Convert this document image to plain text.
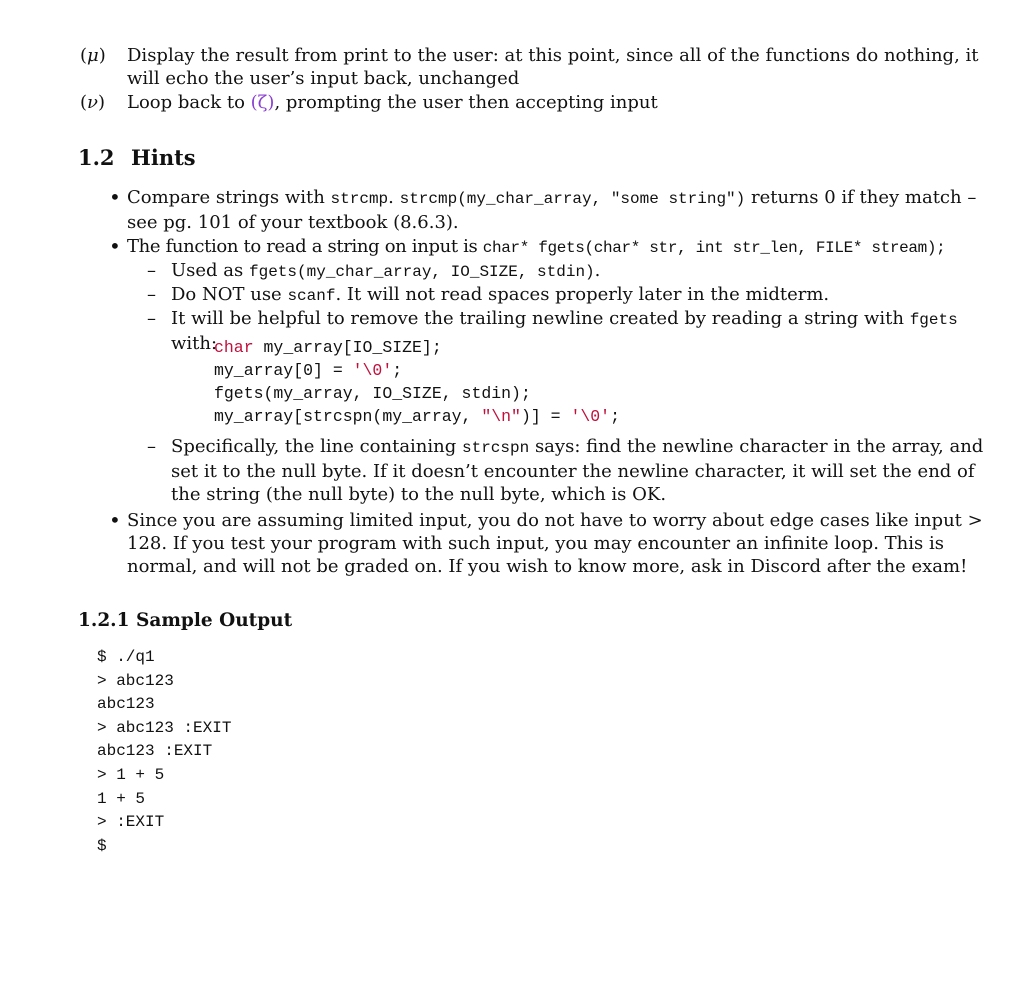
(μ)	Display the result from print to the user: at this point, since all of the functions do nothing, it will echo the user’s input back, unchanged
(ν)	Loop back to (ζ), prompting the user then accepting input
1.2 Hints
• Compare strings with strcmp. strcmp(my_char_array, "some string") returns 0 if they match – see pg. 101 of your textbook (8.6.3).
• The function to read a string on input is char* fgets(char* str, int str_len, FILE* stream);
– Used as fgets(my_char_array, IO_SIZE, stdin).
– Do NOT use scanf. It will not read spaces properly later in the midterm.
– It will be helpful to remove the trailing newline created by reading a string with fgets with:
char my_array[IO_SIZE];
my_array[0] = '\0';
fgets(my_array, IO_SIZE, stdin);
my_array[strcspn(my_array, "\n")] = '\0';
– Specifically, the line containing strcspn says: find the newline character in the array, and set it to the null byte. If it doesn’t encounter the newline character, it will set the end of the string (the null byte) to the null byte, which is OK.
• Since you are assuming limited input, you do not have to worry about edge cases like input > 128. If you test your program with such input, you may encounter an infinite loop. This is normal, and will not be graded on. If you wish to know more, ask in Discord after the exam!
1.2.1 Sample Output
$ ./q1
> abc123
abc123
> abc123 :EXIT
abc123 :EXIT
> 1 + 5
1 + 5
> :EXIT
$
